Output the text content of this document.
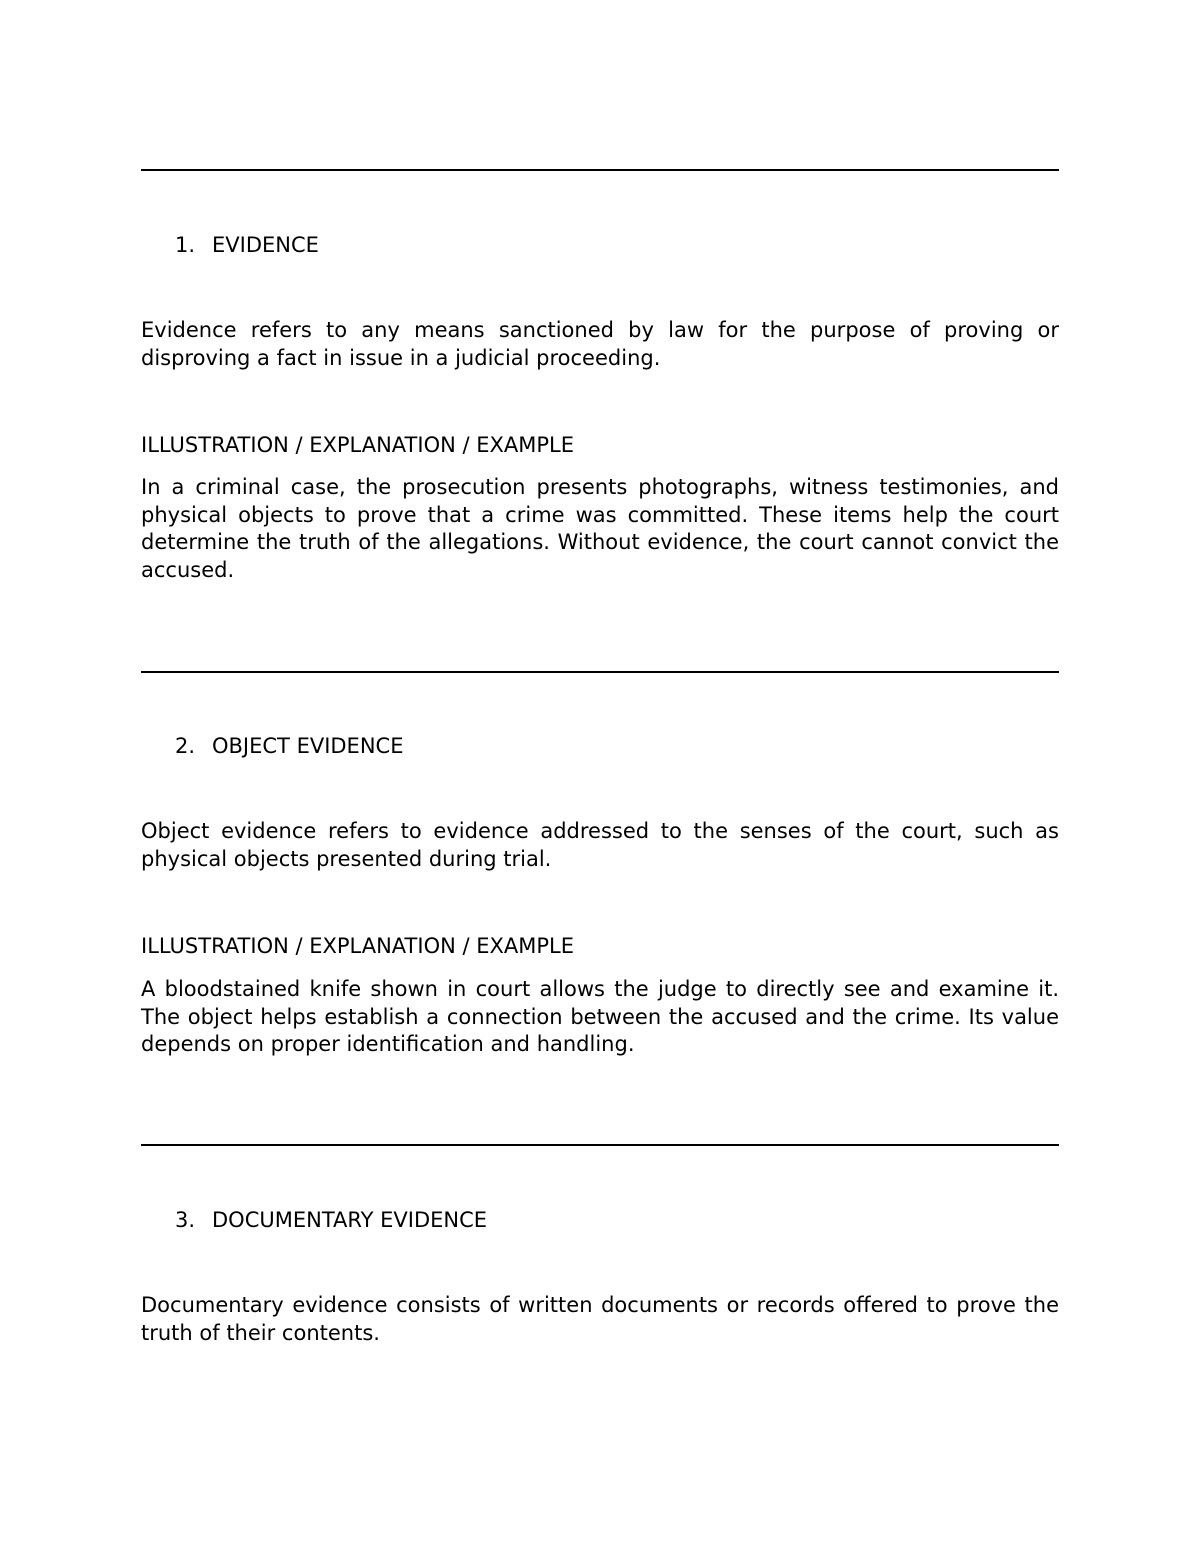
1. EVIDENCE

Evidence refers to any means sanctioned by law for the purpose of proving or disproving a fact in issue in a judicial proceeding.

ILLUSTRATION / EXPLANATION / EXAMPLE

In a criminal case, the prosecution presents photographs, witness testimonies, and physical objects to prove that a crime was committed. These items help the court determine the truth of the allegations. Without evidence, the court cannot convict the accused.

2. OBJECT EVIDENCE

Object evidence refers to evidence addressed to the senses of the court, such as physical objects presented during trial.

ILLUSTRATION / EXPLANATION / EXAMPLE

A bloodstained knife shown in court allows the judge to directly see and examine it. The object helps establish a connection between the accused and the crime. Its value depends on proper identification and handling.

3. DOCUMENTARY EVIDENCE

Documentary evidence consists of written documents or records offered to prove the truth of their contents.
